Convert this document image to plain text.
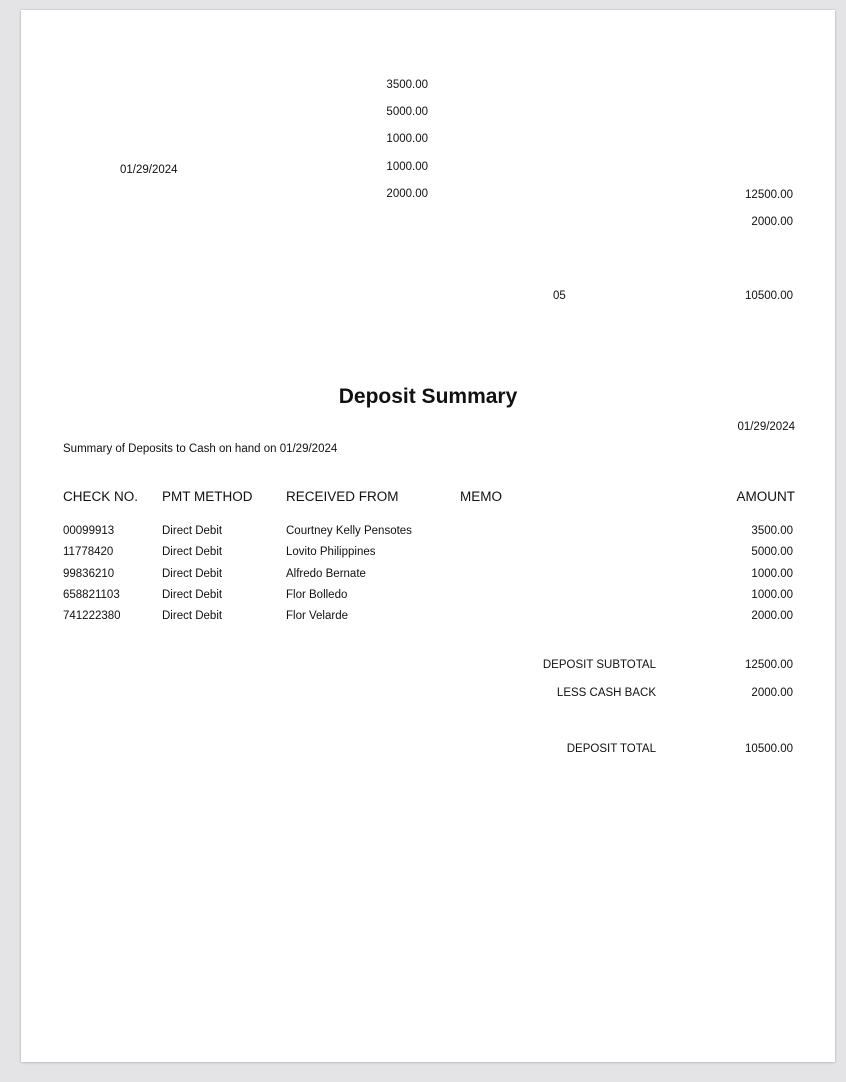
3500.00
5000.00
1000.00
01/29/2024	1000.00
2000.00	12500.00
2000.00
05	10500.00
Deposit Summary
01/29/2024
Summary of Deposits to Cash on hand on 01/29/2024
CHECK NO. PMT METHOD RECEIVED FROM	MEMO	AMOUNT
00099913	Direct Debit	Courtney Kelly Pensotes	3500.00
11778420	Direct Debit	Lovito Philippines	5000.00
99836210	Direct Debit	Alfredo Bernate	1000.00
658821103	Direct Debit	Flor Bolledo	1000.00
741222380	Direct Debit	Flor Velarde	2000.00
DEPOSIT SUBTOTAL	12500.00
LESS CASH BACK	2000.00
DEPOSIT TOTAL	10500.00
